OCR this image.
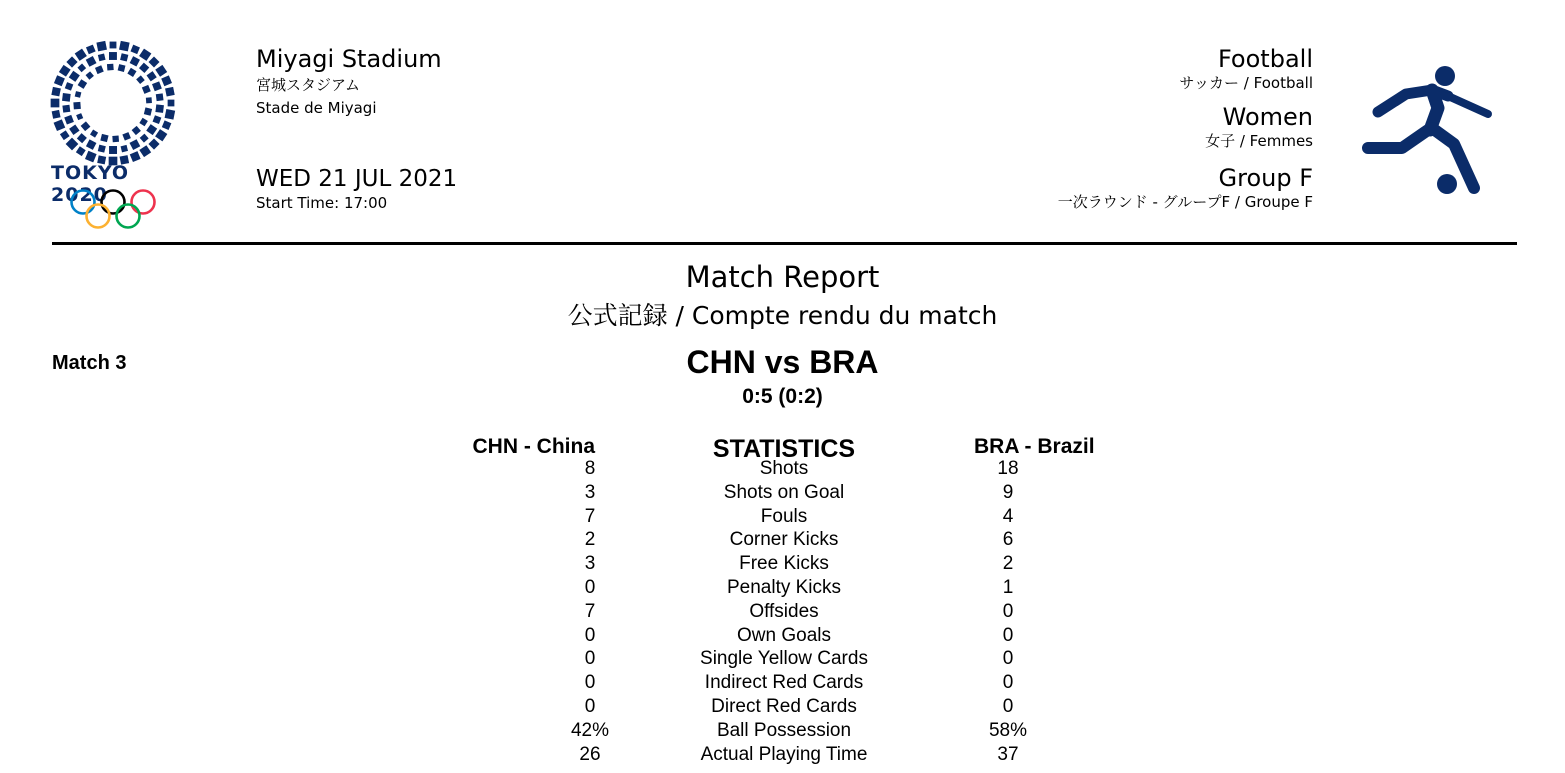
TOKYO 2020
Miyagi Stadium
宮城スタジアム
Stade de Miyagi
WED 21 JUL 2021
Start Time: 17:00
Football
サッカー / Football
Women
女子 / Femmes
Group F
一次ラウンド - グループF / Groupe F
Match Report
公式記録 / Compte rendu du match
Match 3	CHN vs BRA
0:5 (0:2)
CHN - China	STATISTICS	BRA - Brazil
8	Shots	18
3	Shots on Goal	9
7	Fouls	4
2	Corner Kicks	6
3	Free Kicks	2
0	Penalty Kicks	1
7	Offsides	0
0	Own Goals	0
0	Single Yellow Cards	0
0	Indirect Red Cards	0
0	Direct Red Cards	0
42%	Ball Possession	58%
26	Actual Playing Time	37
